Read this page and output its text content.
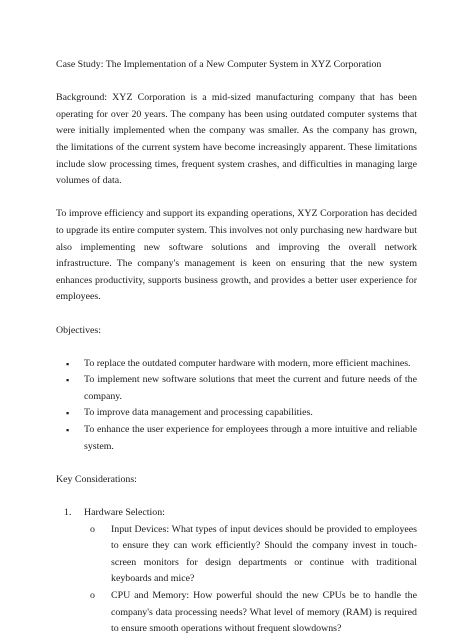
Case Study: The Implementation of a New Computer System in XYZ Corporation

Background: XYZ Corporation is a mid-sized manufacturing company that has been operating for over 20 years. The company has been using outdated computer systems that were initially implemented when the company was smaller. As the company has grown, the limitations of the current system have become increasingly apparent. These limitations include slow processing times, frequent system crashes, and difficulties in managing large volumes of data.

To improve efficiency and support its expanding operations, XYZ Corporation has decided to upgrade its entire computer system. This involves not only purchasing new hardware but also implementing new software solutions and improving the overall network infrastructure. The company's management is keen on ensuring that the new system enhances productivity, supports business growth, and provides a better user experience for employees.

Objectives:

▪ To replace the outdated computer hardware with modern, more efficient machines.
▪ To implement new software solutions that meet the current and future needs of the company.
▪ To improve data management and processing capabilities.
▪ To enhance the user experience for employees through a more intuitive and reliable system.

Key Considerations:

1. Hardware Selection:
o Input Devices: What types of input devices should be provided to employees to ensure they can work efficiently? Should the company invest in touch-screen monitors for design departments or continue with traditional keyboards and mice?
o CPU and Memory: How powerful should the new CPUs be to handle the company's data processing needs? What level of memory (RAM) is required to ensure smooth operations without frequent slowdowns?
